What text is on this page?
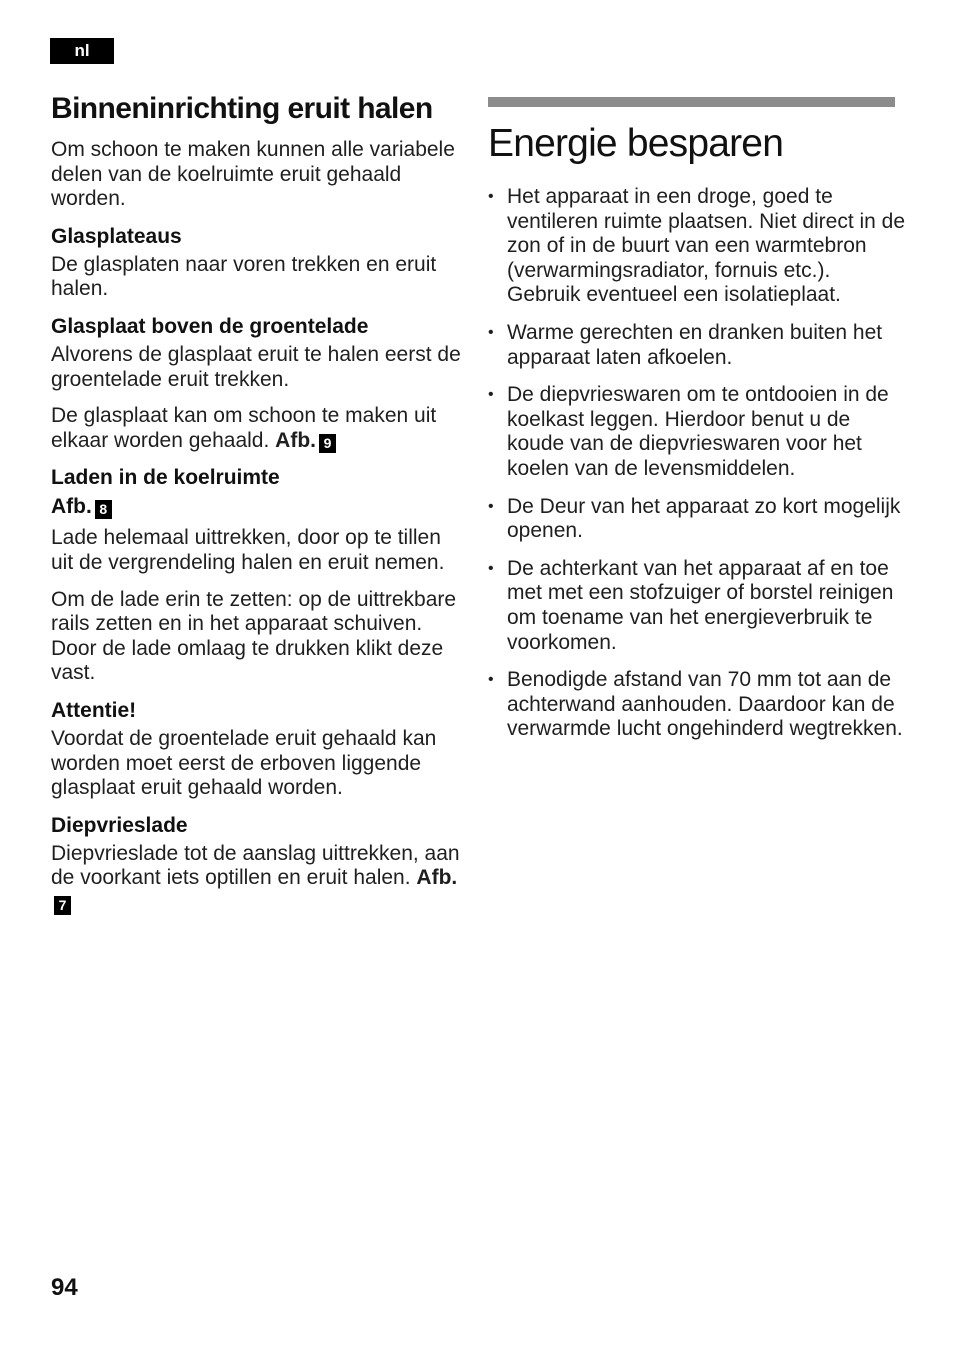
nl
Binneninrichting eruit halen

Om schoon te maken kunnen alle variabele delen van de koelruimte eruit gehaald worden.

Glasplateaus

De glasplaten naar voren trekken en eruit halen.

Glasplaat boven de groentelade

Alvorens de glasplaat eruit te halen eerst de groentelade eruit trekken.

De glasplaat kan om schoon te maken uit elkaar worden gehaald. Afb. 9

Laden in de koelruimte
Afb. 8

Lade helemaal uittrekken, door op te tillen uit de vergrendeling halen en eruit nemen.

Om de lade erin te zetten: op de uittrekbare rails zetten en in het apparaat schuiven. Door de lade omlaag te drukken klikt deze vast.

Attentie!

Voordat de groentelade eruit gehaald kan worden moet eerst de erboven liggende glasplaat eruit gehaald worden.

Diepvrieslade

Diepvrieslade tot de aanslag uittrekken, aan de voorkant iets optillen en eruit halen. Afb.7

Energie besparen
• Het apparaat in een droge, goed te ventileren ruimte plaatsen. Niet direct in de zon of in de buurt van een warmtebron (verwarmingsradiator, fornuis etc.). Gebruik eventueel een isolatieplaat.
• Warme gerechten en dranken buiten het apparaat laten afkoelen.
• De diepvrieswaren om te ontdooien in de koelkast leggen. Hierdoor benut u de koude van de diepvrieswaren voor het koelen van de levensmiddelen.
• De Deur van het apparaat zo kort mogelijk openen.
• De achterkant van het apparaat af en toe met met een stofzuiger of borstel reinigen om toename van het energieverbruik te voorkomen.
• Benodigde afstand van 70 mm tot aan de achterwand aanhouden. Daardoor kan de verwarmde lucht ongehinderd wegtrekken.
94
